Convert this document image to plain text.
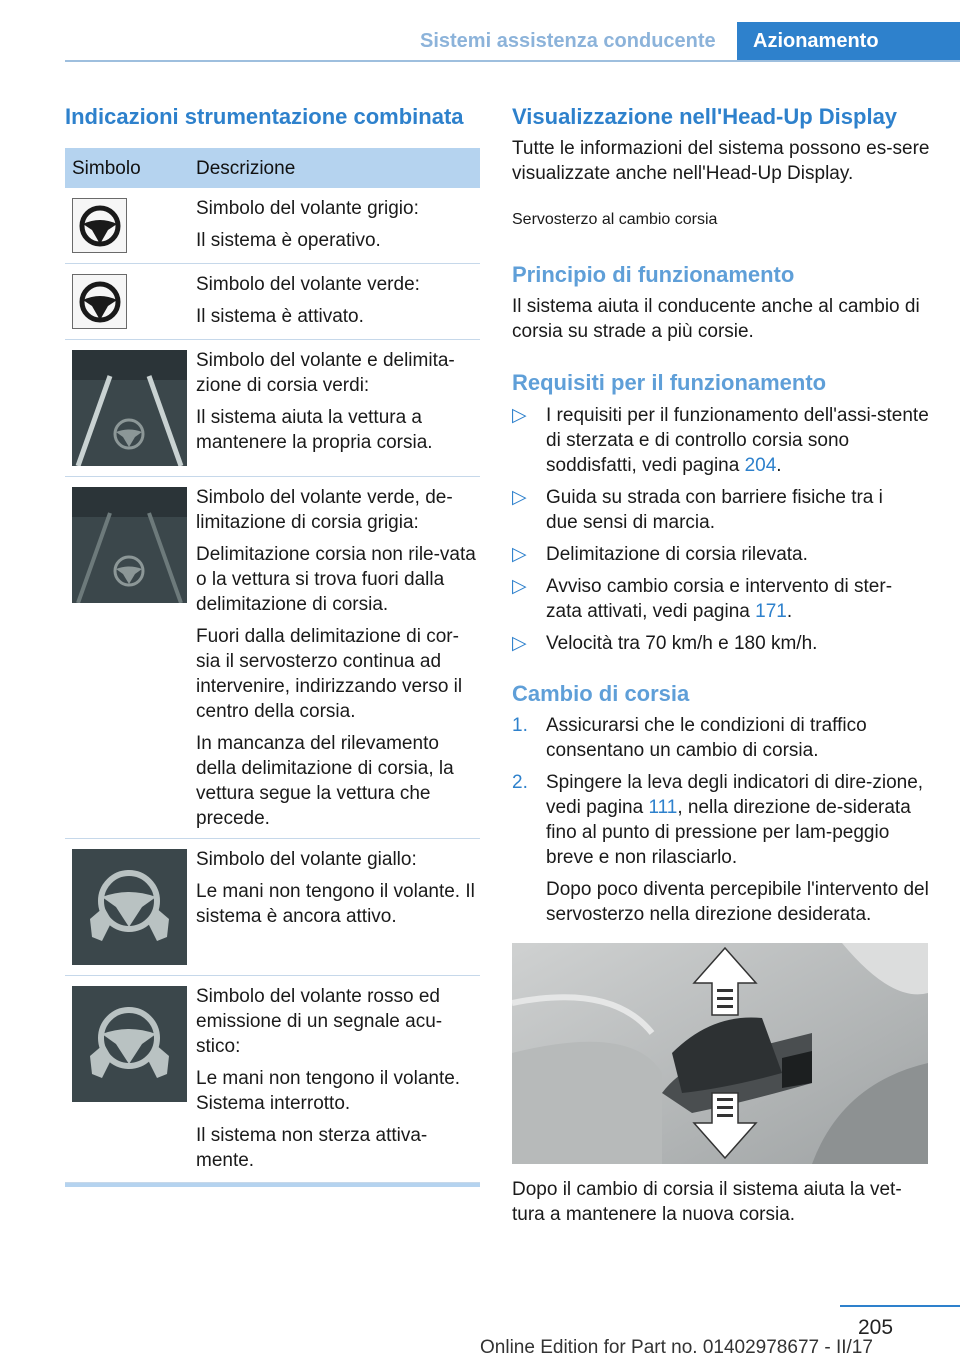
Sistemi assistenza conducente	Azionamento
Indicazioni strumentazione combinata
Simbolo	Descrizione

Simbolo del volante grigio:

Il sistema è operativo.

Simbolo del volante verde:

Il sistema è attivato.

Simbolo del volante e delimita-zione di corsia verdi:

Il sistema aiuta la vettura a mantenere la propria corsia.

Simbolo del volante verde, de-limitazione di corsia grigia:

Delimitazione corsia non rile-vata o la vettura si trova fuori dalla delimitazione di corsia.

Fuori dalla delimitazione di cor-sia il servosterzo continua ad intervenire, indirizzando verso il centro della corsia.

In mancanza del rilevamento della delimitazione di corsia, la vettura segue la vettura che precede.

Simbolo del volante giallo:

Le mani non tengono il volante. Il sistema è ancora attivo.

Simbolo del volante rosso ed emissione di un segnale acu-stico:

Le mani non tengono il volante. Sistema interrotto.

Il sistema non sterza attiva-mente.

Visualizzazione nell'Head-Up Display
Tutte le informazioni del sistema possono es-sere visualizzate anche nell'Head-Up Display.
Servosterzo al cambio corsia
Principio di funzionamento
Il sistema aiuta il conducente anche al cambio di corsia su strade a più corsie.
Requisiti per il funzionamento
▷ I requisiti per il funzionamento dell'assi-stente di sterzata e di controllo corsia sono soddisfatti, vedi pagina 204.
▷ Guida su strada con barriere fisiche tra i due sensi di marcia.
▷ Delimitazione di corsia rilevata.
▷ Avviso cambio corsia e intervento di ster-zata attivati, vedi pagina 171.
▷ Velocità tra 70 km/h e 180 km/h.
Cambio di corsia
1. Assicurarsi che le condizioni di traffico consentano un cambio di corsia.
2. Spingere la leva degli indicatori di dire-zione, vedi pagina 111, nella direzione de-siderata fino al punto di pressione per lam-peggio breve e non rilasciarlo.
Dopo poco diventa percepibile l'intervento del servosterzo nella direzione desiderata.
Dopo il cambio di corsia il sistema aiuta la vet-tura a mantenere la nuova corsia.
205
Online Edition for Part no. 01402978677 - II/17
